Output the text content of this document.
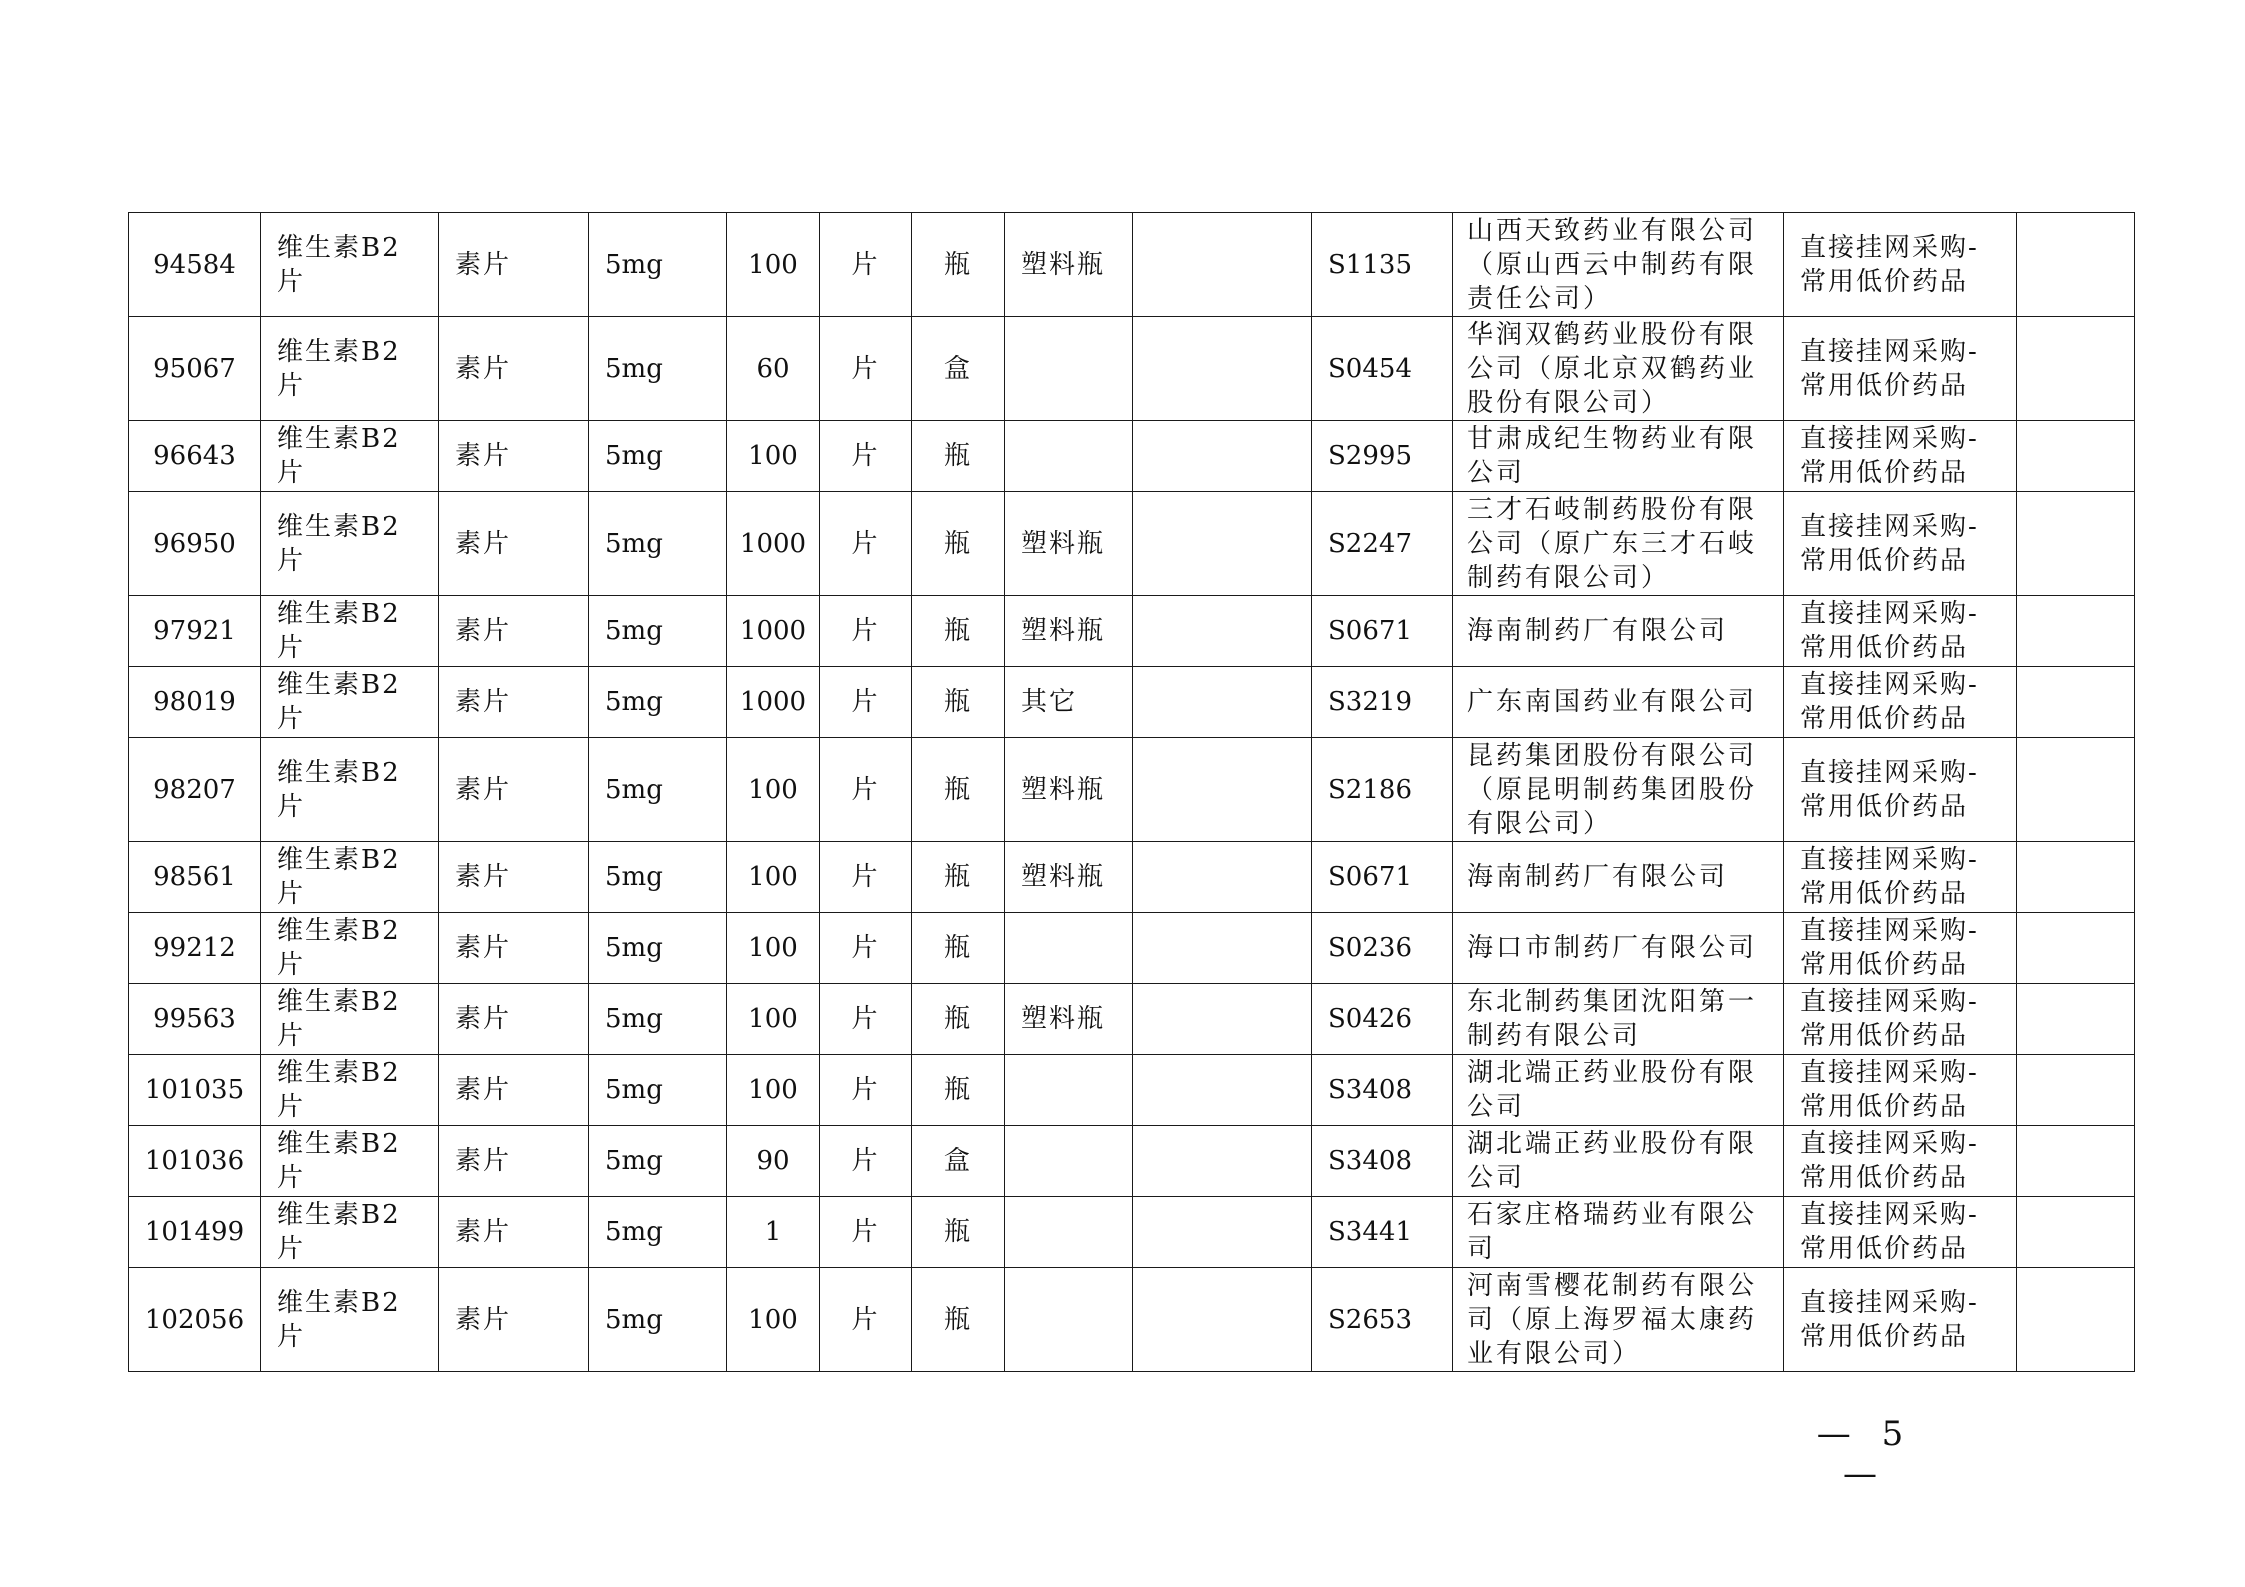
94584	维生素B2片	素片	5mg	100	片	瓶	塑料瓶		S1135	山西天致药业有限公司（原山西云中制药有限责任公司）	直接挂网采购-常用低价药品	
95067	维生素B2片	素片	5mg	60	片	盒			S0454	华润双鹤药业股份有限公司（原北京双鹤药业股份有限公司）	直接挂网采购-常用低价药品	
96643	维生素B2片	素片	5mg	100	片	瓶			S2995	甘肃成纪生物药业有限公司	直接挂网采购-常用低价药品	
96950	维生素B2片	素片	5mg	1000	片	瓶	塑料瓶		S2247	三才石岐制药股份有限公司（原广东三才石岐制药有限公司）	直接挂网采购-常用低价药品	
97921	维生素B2片	素片	5mg	1000	片	瓶	塑料瓶		S0671	海南制药厂有限公司	直接挂网采购-常用低价药品	
98019	维生素B2片	素片	5mg	1000	片	瓶	其它		S3219	广东南国药业有限公司	直接挂网采购-常用低价药品	
98207	维生素B2片	素片	5mg	100	片	瓶	塑料瓶		S2186	昆药集团股份有限公司（原昆明制药集团股份有限公司）	直接挂网采购-常用低价药品	
98561	维生素B2片	素片	5mg	100	片	瓶	塑料瓶		S0671	海南制药厂有限公司	直接挂网采购-常用低价药品	
99212	维生素B2片	素片	5mg	100	片	瓶			S0236	海口市制药厂有限公司	直接挂网采购-常用低价药品	
99563	维生素B2片	素片	5mg	100	片	瓶	塑料瓶		S0426	东北制药集团沈阳第一制药有限公司	直接挂网采购-常用低价药品	
101035	维生素B2片	素片	5mg	100	片	瓶			S3408	湖北端正药业股份有限公司	直接挂网采购-常用低价药品	
101036	维生素B2片	素片	5mg	90	片	盒			S3408	湖北端正药业股份有限公司	直接挂网采购-常用低价药品	
101499	维生素B2片	素片	5mg	1	片	瓶			S3441	石家庄格瑞药业有限公司	直接挂网采购-常用低价药品	
102056	维生素B2片	素片	5mg	100	片	瓶			S2653	河南雪樱花制药有限公司（原上海罗福太康药业有限公司）	直接挂网采购-常用低价药品	
— 5 —
